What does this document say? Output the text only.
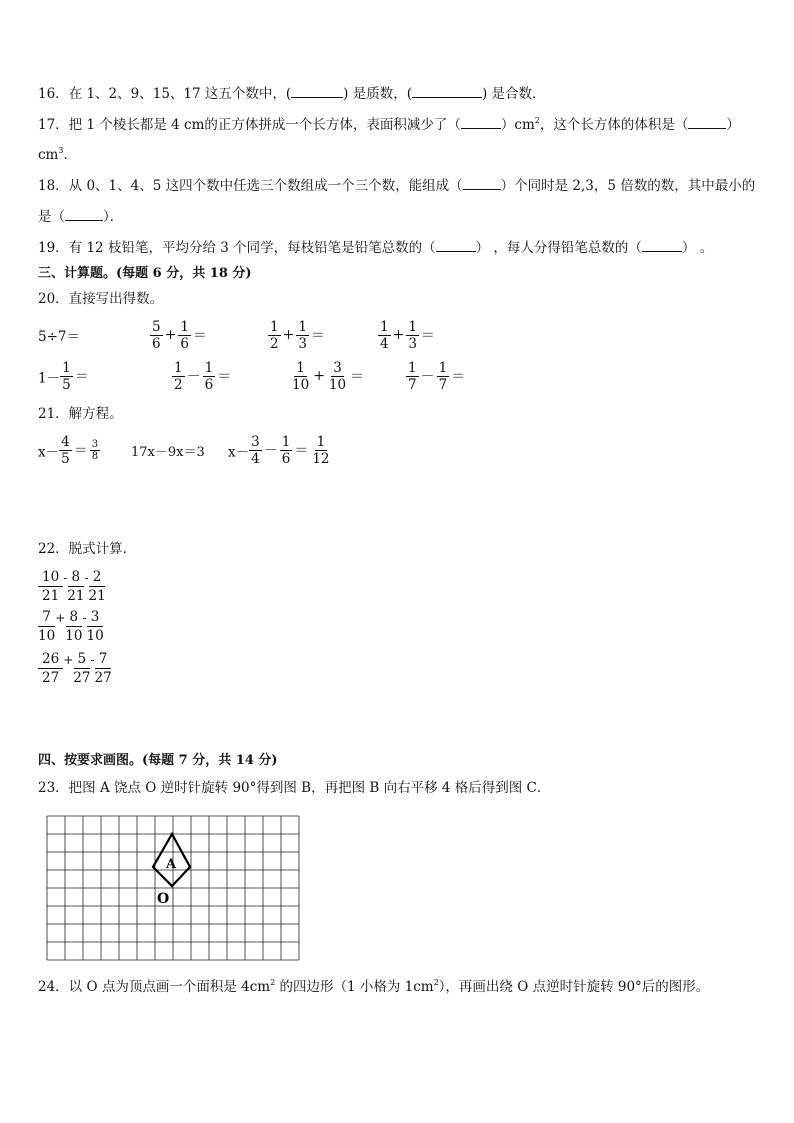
16．在 1、2、9、15、17 这五个数中，(	) 是质数，(	) 是合数．
17．把 1 个棱长都是 4 cm的正方体拼成一个长方体，表面积减少了（	）$cm^2$，这个长方体的体积是（	）
$cm^3$．
18．从 0、1、4、5 这四个数中任选三个数组成一个三个数，能组成（	）个同时是 2,3，5 倍数的数，其中最小的
是（	）．
19．有 12 枝铅笔，平均分给 3 个同学，每枝铅笔是铅笔总数的（	） ，每人分得铅笔总数的（	） 。
三、计算题。(每题 6 分，共 18 分)
20．直接写出得数。
5÷7＝	$\frac{5}{6} + \frac{1}{6}$ ＝	$\frac{1}{2} + \frac{1}{3}$ ＝	$\frac{1}{4} + \frac{1}{3}$ ＝
$1- \frac{1}{5}$ ＝	$\frac{1}{2} - \frac{1}{6}$ ＝	$\frac{1}{10} + \frac{3}{10}$ ＝	$\frac{1}{7} - \frac{1}{7}$ ＝
21．解方程。
$x- \frac{4}{5} = \frac{3}{8} 17x-9x=3$ $x- \frac{3}{4} - \frac{1}{6} = \frac{1}{12}$
22．脱式计算．
10
21
- 8
21
- 2
21
7
10
+ $\frac{8}{10} - 3$
10
26
27
+ $\frac{5}{27} - 7$
27
四、按要求画图。(每题 7 分，共 14 分)
23．把图 A 饶点 O 逆时针旋转 90°得到图 B，再把图 B 向右平移 4 格后得到图 C．
A
O
24．以 O 点为顶点画一个面积是 $4cm^2$ 的四边形（1 小格为 $1cm^2$），再画出绕 O 点逆时针旋转 90°后的图形。
